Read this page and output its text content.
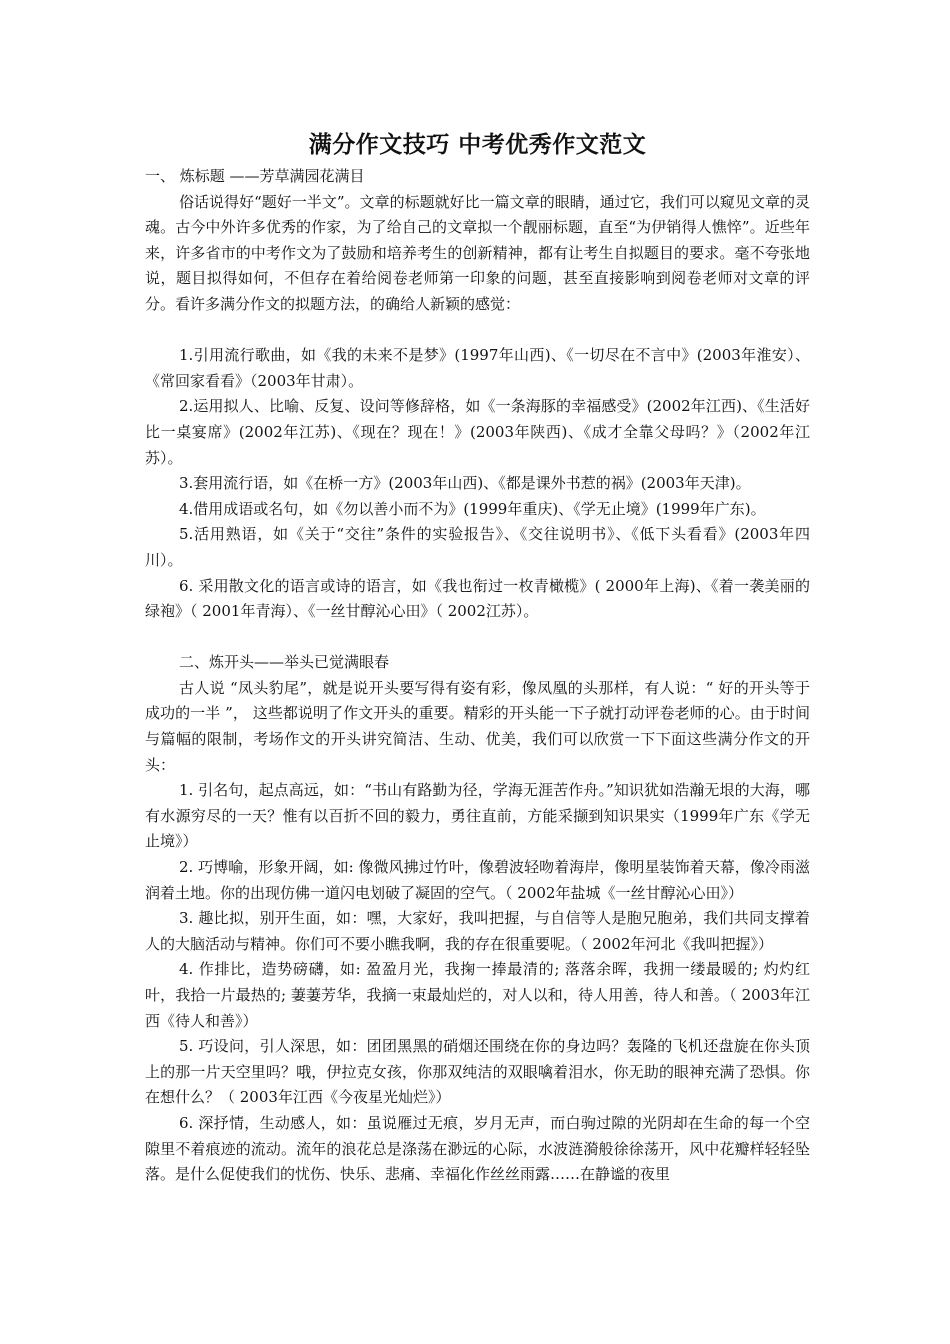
满分作文技巧 中考优秀作文范文
一、 炼标题 ——芳草满园花满目

俗话说得好“题好一半文”。文章的标题就好比一篇文章的眼睛，通过它，我们可以窥见文章的灵魂。古今中外许多优秀的作家，为了给自己的文章拟一个靓丽标题，直至“为伊销得人憔悴”。近些年来，许多省市的中考作文为了鼓励和培养考生的创新精神，都有让考生自拟题目的要求。毫不夸张地说，题目拟得如何，不但存在着给阅卷老师第一印象的问题，甚至直接影响到阅卷老师对文章的评分。看许多满分作文的拟题方法，的确给人新颖的感觉：

1.引用流行歌曲，如《我的未来不是梦》(1997年山西)、《一切尽在不言中》(2003年淮安）、《常回家看看》（2003年甘肃）。

2.运用拟人、比喻、反复、设问等修辞格，如《一条海豚的幸福感受》(2002年江西)、《生活好比一桌宴席》(2002年江苏)、《现在？现在！》(2003年陕西)、《成才全靠父母吗？》（2002年江苏）。

3.套用流行语，如《在桥一方》(2003年山西)、《都是课外书惹的祸》(2003年天津)。

4.借用成语或名句，如《勿以善小而不为》(1999年重庆)、《学无止境》(1999年广东)。

5.活用熟语，如《关于“交往”条件的实验报告》、《交往说明书》、《低下头看看》(2003年四川）。

6. 采用散文化的语言或诗的语言，如《我也衔过一枚青橄榄》( 2000年上海)、《着一袭美丽的绿袍》（ 2001年青海）、《一丝甘醇沁心田》（ 2002江苏）。

二、炼开头——举头已觉满眼春

古人说 “凤头豹尾”，就是说开头要写得有姿有彩，像凤凰的头那样，有人说：“ 好的开头等于成功的一半 ”， 这些都说明了作文开头的重要。精彩的开头能一下子就打动评卷老师的心。由于时间与篇幅的限制，考场作文的开头讲究简洁、生动、优美，我们可以欣赏一下下面这些满分作文的开头：

1. 引名句，起点高远，如：“书山有路勤为径，学海无涯苦作舟。”知识犹如浩瀚无垠的大海，哪有水源穷尽的一天？惟有以百折不回的毅力，勇往直前，方能采撷到知识果实（1999年广东《学无止境》）

2. 巧博喻，形象开阔，如: 像微风拂过竹叶，像碧波轻吻着海岸，像明星装饰着天幕，像冷雨滋润着土地。你的出现仿佛一道闪电划破了凝固的空气。（ 2002年盐城《一丝甘醇沁心田》）

3. 趣比拟，别开生面，如：嘿，大家好，我叫把握，与自信等人是胞兄胞弟，我们共同支撑着人的大脑活动与精神。你们可不要小瞧我啊，我的存在很重要呢。（ 2002年河北《我叫把握》）

4. 作排比，造势磅礴，如: 盈盈月光，我掬一捧最清的; 落落余晖，我拥一缕最暖的; 灼灼红叶，我拾一片最热的; 萋萋芳华，我摘一束最灿烂的，对人以和，待人用善，待人和善。（ 2003年江西《待人和善》）

5. 巧设问，引人深思，如：团团黑黑的硝烟还围绕在你的身边吗？轰隆的飞机还盘旋在你头顶上的那一片天空里吗？哦，伊拉克女孩，你那双纯洁的双眼噙着泪水，你无助的眼神充满了恐惧。你在想什么？（ 2003年江西《今夜星光灿烂》）

6. 深抒情，生动感人，如：虽说雁过无痕，岁月无声，而白驹过隙的光阴却在生命的每一个空隙里不着痕迹的流动。流年的浪花总是涤荡在渺远的心际，水波涟漪般徐徐荡开，风中花瓣样轻轻坠落。是什么促使我们的忧伤、快乐、悲痛、幸福化作丝丝雨露……在静谧的夜里
